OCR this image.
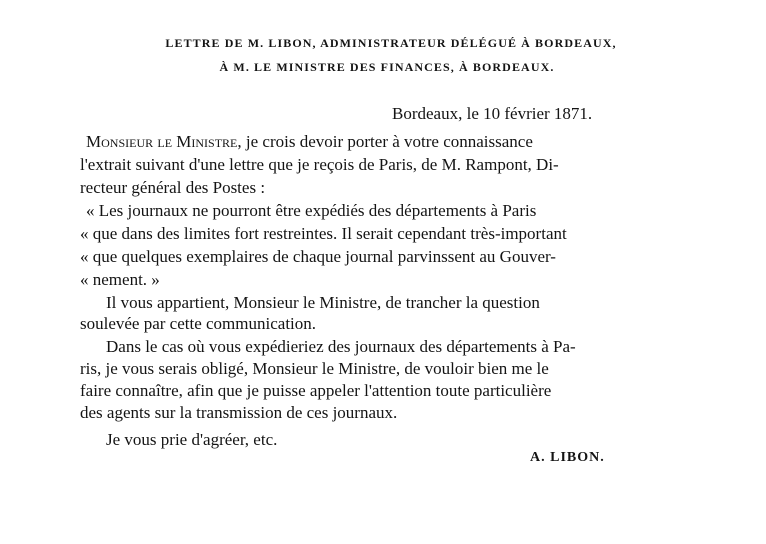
LETTRE DE M. LIBON, ADMINISTRATEUR DÉLÉGUÉ À BORDEAUX,
À M. LE MINISTRE DES FINANCES, À BORDEAUX.
Bordeaux, le 10 février 1871.
Monsieur le Ministre, je crois devoir porter à votre connaissance
l'extrait suivant d'une lettre que je reçois de Paris, de M. Rampont, Di-
recteur général des Postes :
« Les journaux ne pourront être expédiés des départements à Paris
« que dans des limites fort restreintes. Il serait cependant très-important
« que quelques exemplaires de chaque journal parvinssent au Gouver-
« nement. »
Il vous appartient, Monsieur le Ministre, de trancher la question
soulevée par cette communication.
Dans le cas où vous expédieriez des journaux des départements à Pa-
ris, je vous serais obligé, Monsieur le Ministre, de vouloir bien me le
faire connaître, afin que je puisse appeler l'attention toute particulière
des agents sur la transmission de ces journaux.
Je vous prie d'agréer, etc.
A. LIBON.
